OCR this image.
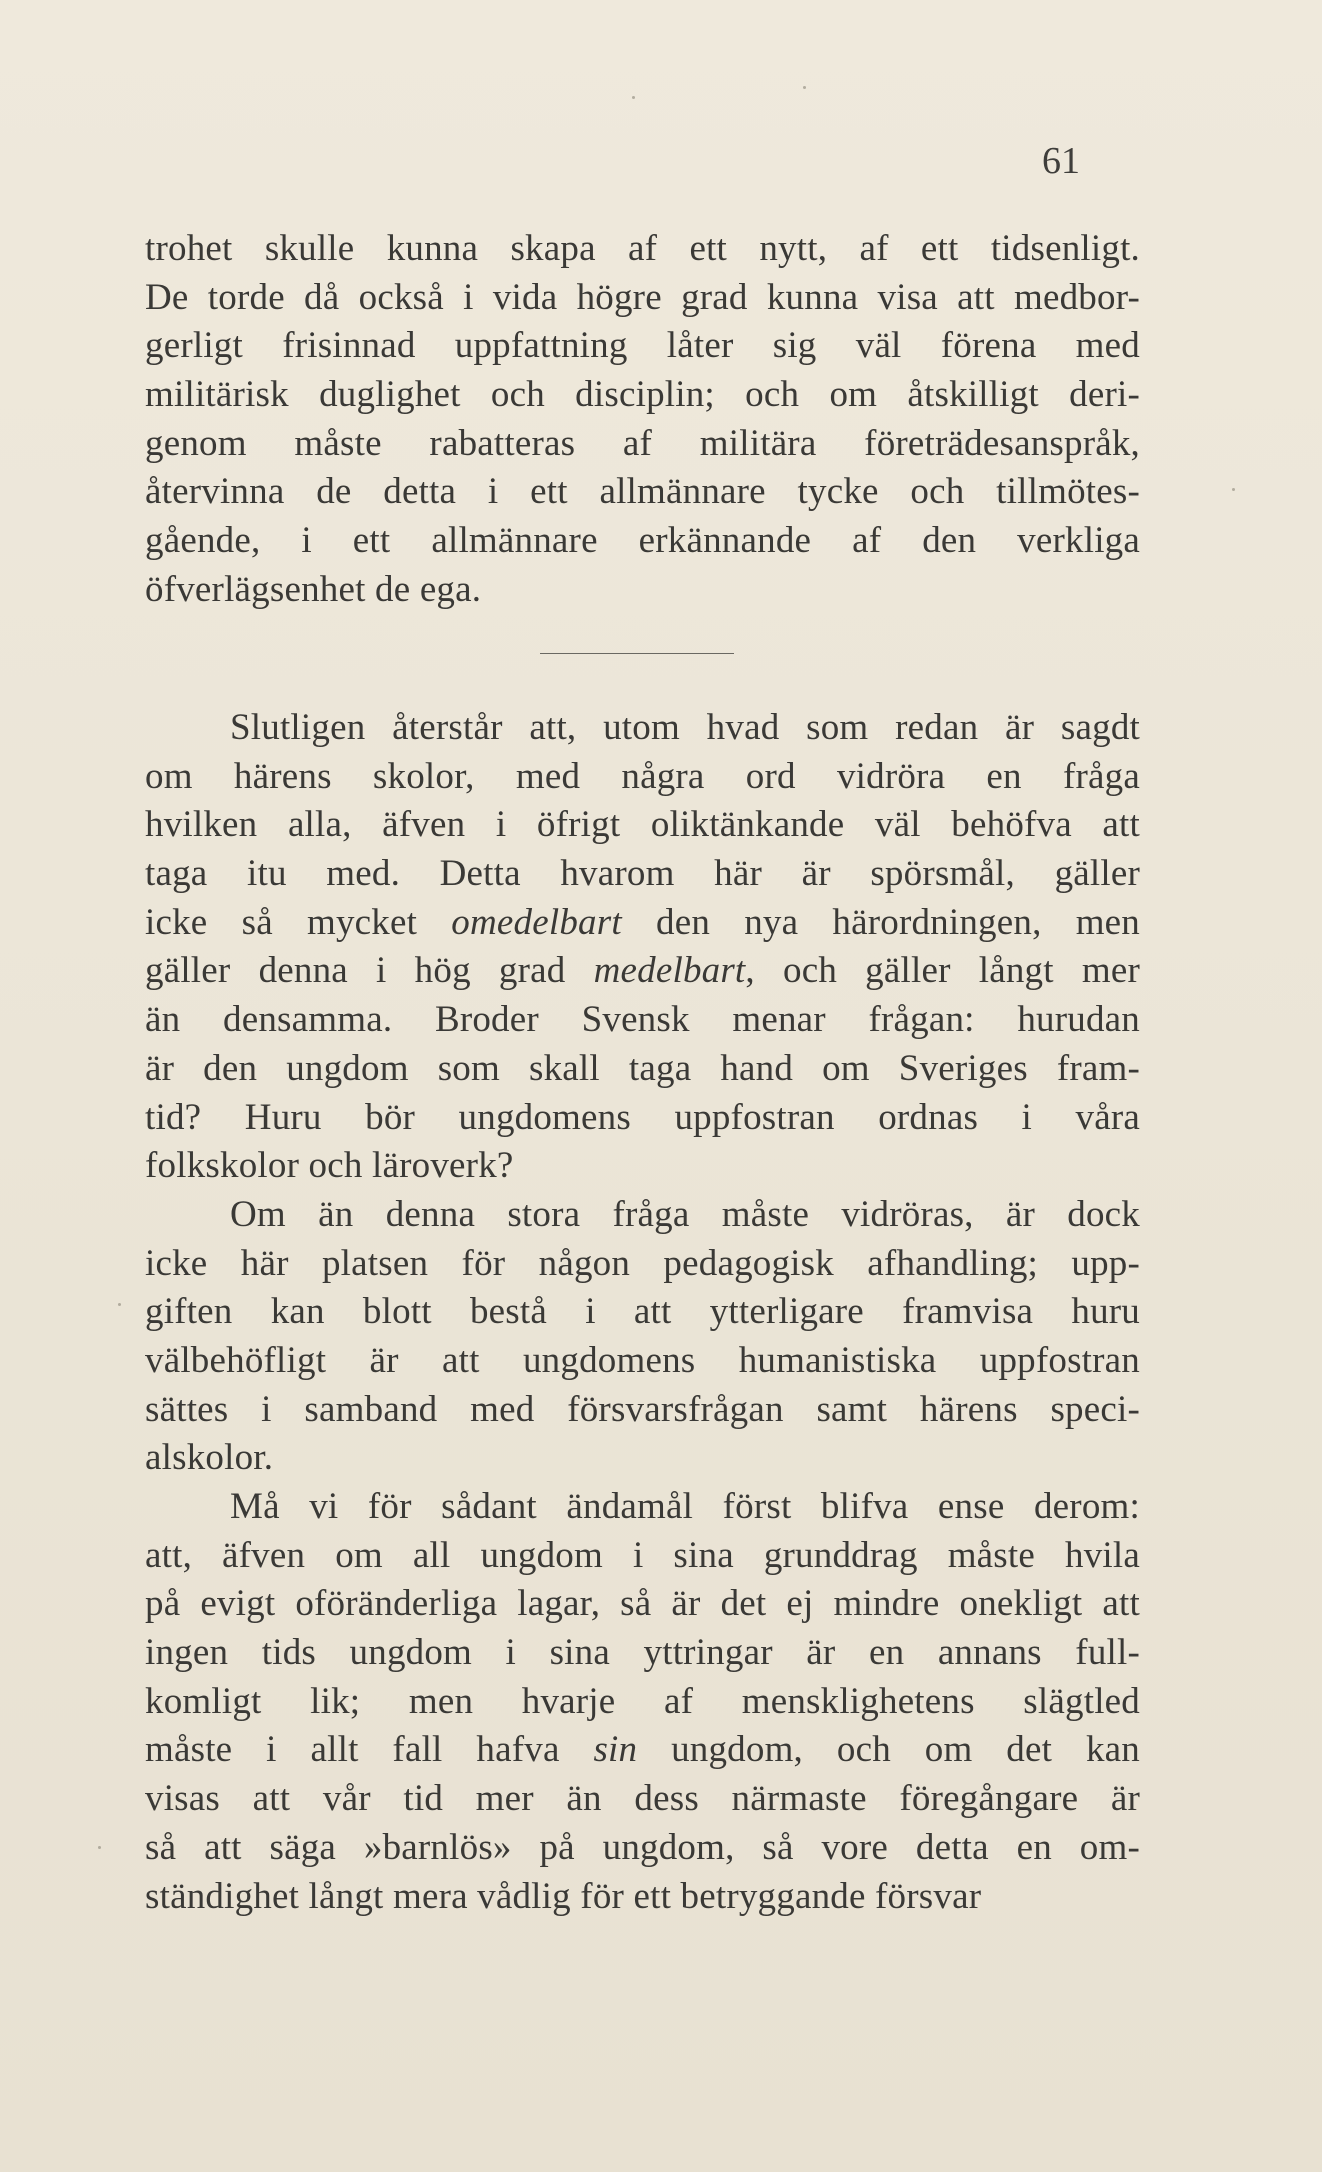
61
trohet skulle kunna skapa af ett nytt, af ett tidsenligt.
De torde då också i vida högre grad kunna visa att medbor-
gerligt frisinnad uppfattning låter sig väl förena med
militärisk duglighet och disciplin; och om åtskilligt deri-
genom måste rabatteras af militära företrädesanspråk,
återvinna de detta i ett allmännare tycke och tillmötes-
gående, i ett allmännare erkännande af den verkliga
öfverlägsenhet de ega.
Slutligen återstår att, utom hvad som redan är sagdt
om härens skolor, med några ord vidröra en fråga
hvilken alla, äfven i öfrigt oliktänkande väl behöfva att
taga itu med. Detta hvarom här är spörsmål, gäller
icke så mycket omedelbart den nya härordningen, men
gäller denna i hög grad medelbart, och gäller långt mer
än densamma. Broder Svensk menar frågan: hurudan
är den ungdom som skall taga hand om Sveriges fram-
tid? Huru bör ungdomens uppfostran ordnas i våra
folkskolor och läroverk?
Om än denna stora fråga måste vidröras, är dock
icke här platsen för någon pedagogisk afhandling; upp-
giften kan blott bestå i att ytterligare framvisa huru
välbehöfligt är att ungdomens humanistiska uppfostran
sättes i samband med försvarsfrågan samt härens speci-
alskolor.
Må vi för sådant ändamål först blifva ense derom:
att, äfven om all ungdom i sina grunddrag måste hvila
på evigt oföränderliga lagar, så är det ej mindre onekligt att
ingen tids ungdom i sina yttringar är en annans full-
komligt lik; men hvarje af mensklighetens slägtled
måste i allt fall hafva sin ungdom, och om det kan
visas att vår tid mer än dess närmaste föregångare är
så att säga »barnlös» på ungdom, så vore detta en om-
ständighet långt mera vådlig för ett betryggande försvar
